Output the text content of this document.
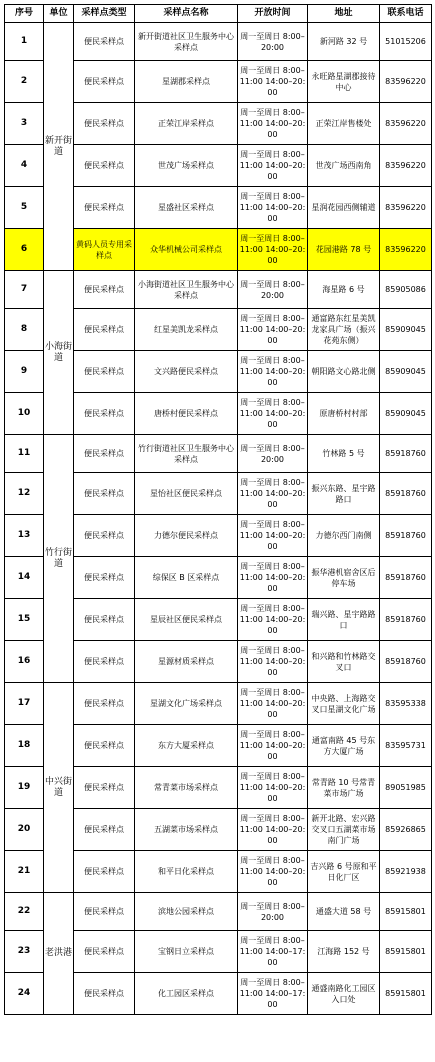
序号	单位	采样点类型	采样点名称	开放时间	地址	联系电话
1	新开街道	便民采样点	新开街道社区卫生服务中心采样点	周一至周日 8:00–20:00	新河路 32 号	51015206
2		便民采样点	星湖郡采样点	周一至周日 8:00–11:00 14:00–20:00	永旺路星湖郡接待中心	83596220
3		便民采样点	正荣江岸采样点	周一至周日 8:00–11:00 14:00–20:00	正荣江岸售楼处	83596220
4		便民采样点	世茂广场采样点	周一至周日 8:00–11:00 14:00–20:00	世茂广场西南角	83596220
5		便民采样点	星盛社区采样点	周一至周日 8:00–11:00 14:00–20:00	星润花园西侧辅道	83596220
6		黄码人员专用采样点	众华机械公司采样点	周一至周日 8:00–11:00 14:00–20:00	花园港路 78 号	83596220
7	小海街道	便民采样点	小海街道社区卫生服务中心采样点	周一至周日 8:00–20:00	海星路 6 号	85905086
8		便民采样点	红星美凯龙采样点	周一至周日 8:00–11:00 14:00–20:00	通富路东红星美凯龙家具广场（振兴花苑东侧）	85909045
9		便民采样点	文兴路便民采样点	周一至周日 8:00–11:00 14:00–20:00	朝阳路文心路北侧	85909045
10		便民采样点	唐桥村便民采样点	周一至周日 8:00–11:00 14:00–20:00	原唐桥村村部	85909045
11	竹行街道	便民采样点	竹行街道社区卫生服务中心采样点	周一至周日 8:00–20:00	竹林路 5 号	85918760
12		便民采样点	星怡社区便民采样点	周一至周日 8:00–11:00 14:00–20:00	振兴东路、星宇路路口	85918760
13		便民采样点	力德尔便民采样点	周一至周日 8:00–11:00 14:00–20:00	力德尔西门南侧	85918760
14		便民采样点	综保区 B 区采样点	周一至周日 8:00–11:00 14:00–20:00	振华港机宿舍区后停车场	85918760
15		便民采样点	星辰社区便民采样点	周一至周日 8:00–11:00 14:00–20:00	瑞兴路、星宇路路口	85918760
16		便民采样点	星源材质采样点	周一至周日 8:00–11:00 14:00–20:00	和兴路和竹林路交叉口	85918760
17	中兴街道	便民采样点	星湖文化广场采样点	周一至周日 8:00–11:00 14:00–20:00	中央路、上海路交叉口星湖文化广场	83595338
18		便民采样点	东方大厦采样点	周一至周日 8:00–11:00 14:00–20:00	通富南路 45 号东方大厦广场	83595731
19		便民采样点	常青菜市场采样点	周一至周日 8:00–11:00 14:00–20:00	常青路 10 号常青菜市场广场	89051985
20		便民采样点	五湖菜市场采样点	周一至周日 8:00–11:00 14:00–20:00	新开北路、宏兴路交叉口五湖菜市场南门广场	85926865
21		便民采样点	和平日化采样点	周一至周日 8:00–11:00 14:00–20:00	吉兴路 6 号原和平日化厂区	85921938
22	老洪港	便民采样点	滨地公园采样点	周一至周日 8:00–20:00	通盛大道 58 号	85915801
23		便民采样点	宝钢日立采样点	周一至周日 8:00–11:00 14:00–17:00	江海路 152 号	85915801
24		便民采样点	化工园区采样点	周一至周日 8:00–11:00 14:00–17:00	通盛南路化工园区入口处	85915801
